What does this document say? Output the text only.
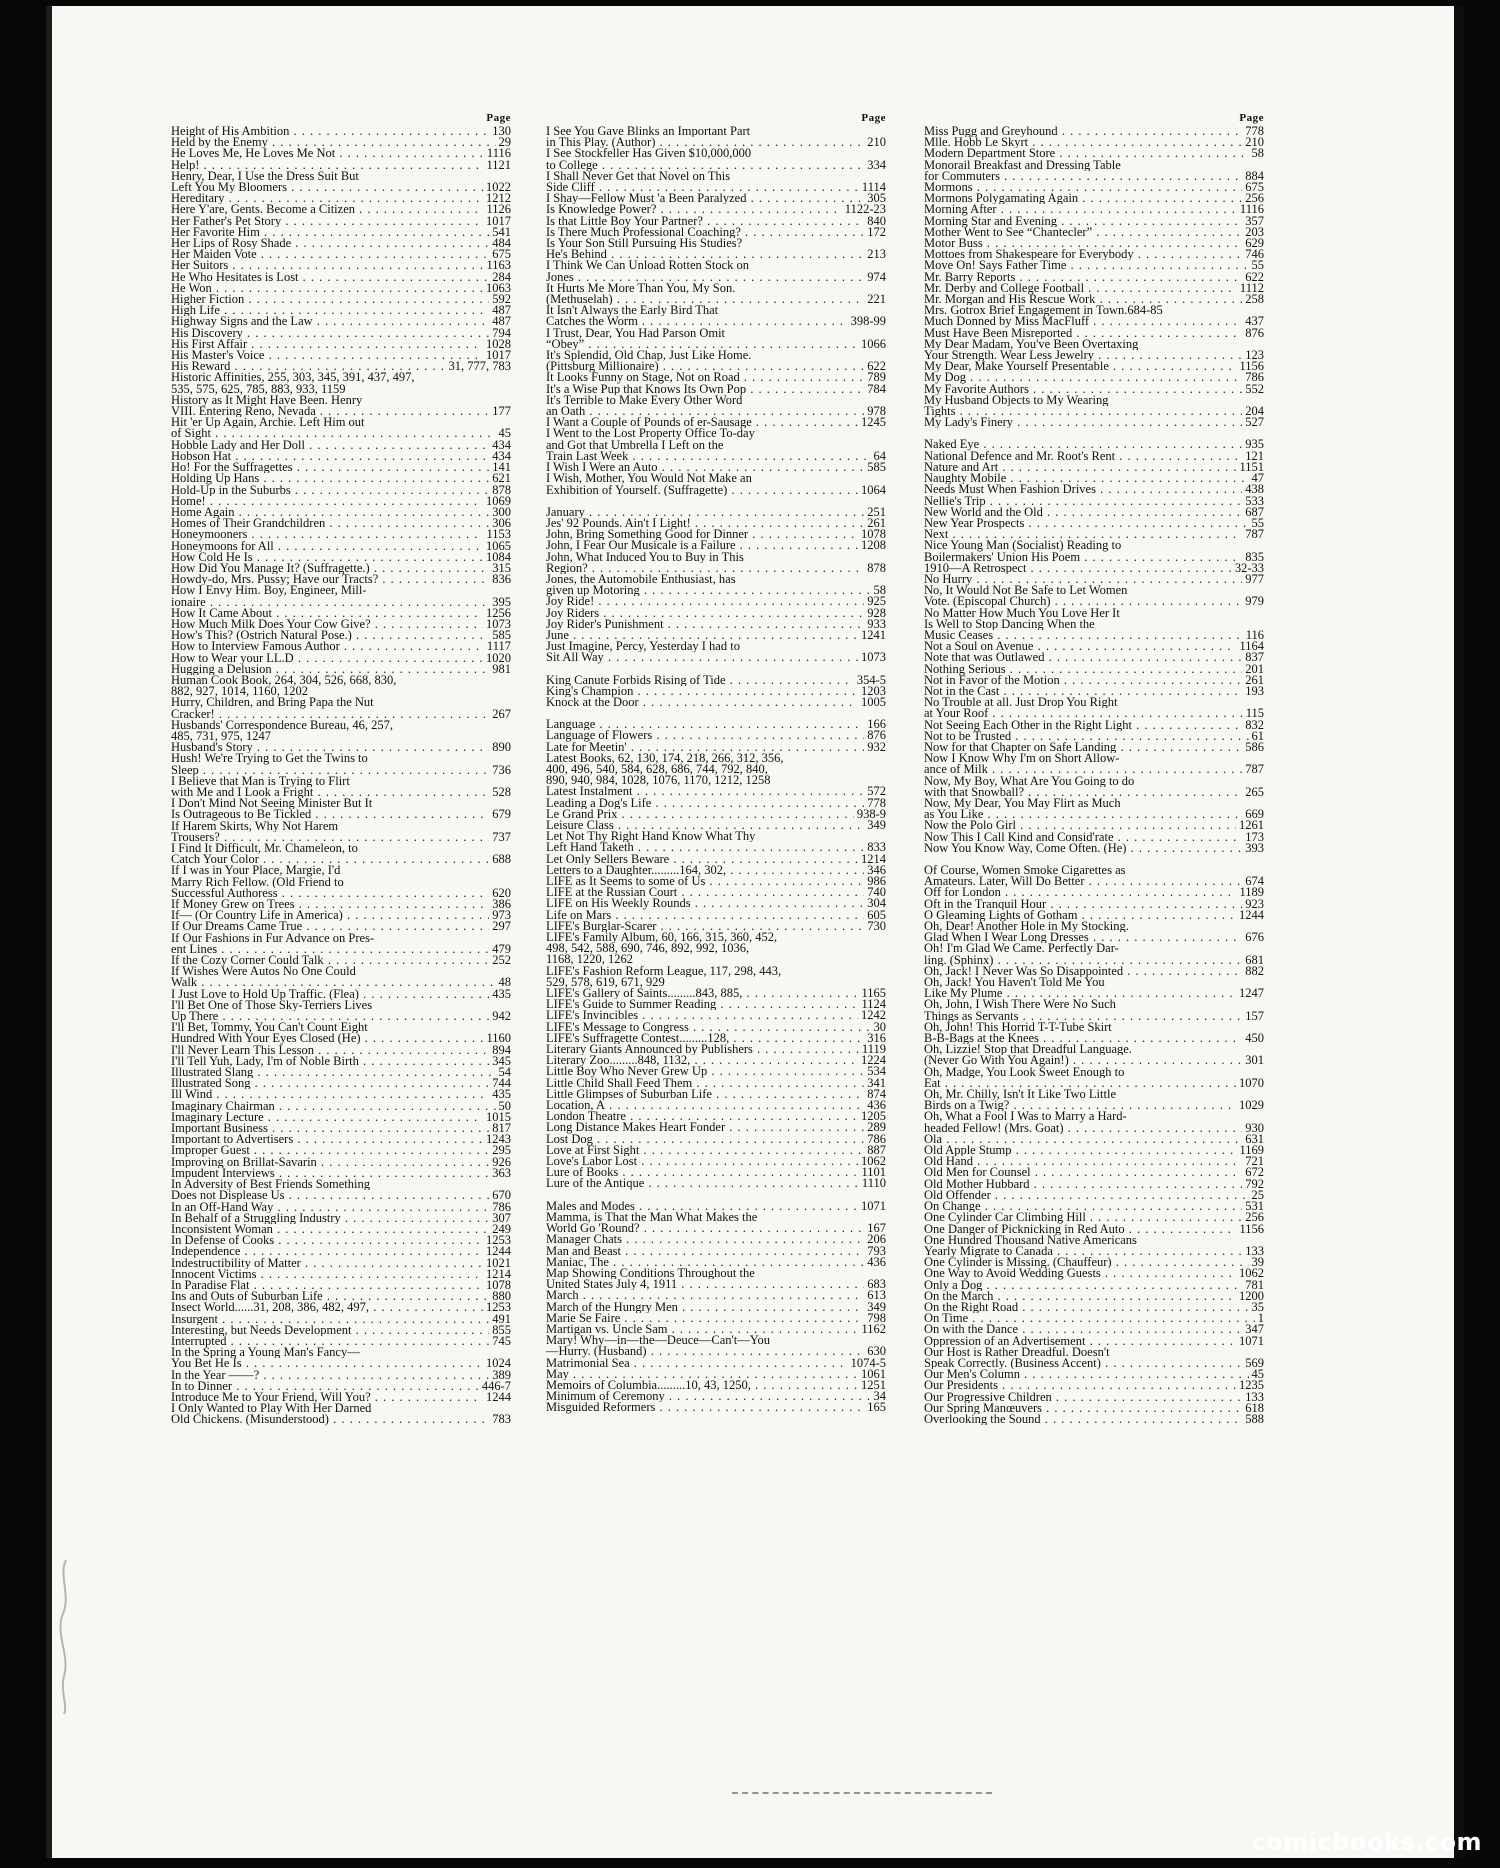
Page
Height of His Ambition . . .	130
Held by the Enemy . . .	29
He Loves Me, He Loves Me Not . . .	1116
Help! . . .	1121
Henry, Dear, I Use the Dress Suit But
Left You My Bloomers . . .	1022
Hereditary . . .	1212
Here Y'are, Gents. Become a Citizen . . .	1126
Her Father's Pet Story . . .	1017
Her Favorite Him . . .	541
Her Lips of Rosy Shade . . .	484
Her Maiden Vote . . .	675
Her Suitors . . .	1163
He Who Hesitates is Lost . . .	284
He Won . . .	1063
Higher Fiction . . .	592
High Life . . .	487
Highway Signs and the Law . . .	487
His Discovery . . .	794
His First Affair . . .	1028
His Master's Voice . . .	1017
His Reward . . .	31, 777, 783
Historic Affinities, 255, 303, 345, 391, 437, 497,
535, 575, 625, 785, 883, 933, 1159
History as It Might Have Been. Henry
VIII. Entering Reno, Nevada . . .	177
Hit 'er Up Again, Archie. Left Him out
of Sight . . .	45
Hobble Lady and Her Doll . . .	434
Hobson Hat . . .	434
Ho! For the Suffragettes . . .	141
Holding Up Hans . . .	621
Hold-Up in the Suburbs . . .	878
Home! . . .	1069
Home Again . . .	300
Homes of Their Grandchildren . . .	306
Honeymooners . . .	1153
Honeymoons for All . . .	1065
How Cold He Is . . .	1084
How Did You Manage It? (Suffragette.) . . .	315
Howdy-do, Mrs. Pussy; Have our Tracts? . . .	836
How I Envy Him. Boy, Engineer, Mill-
ionaire . . .	395
How It Came About . . .	1256
How Much Milk Does Your Cow Give? . . .	1073
How's This? (Ostrich Natural Pose.) . . .	585
How to Interview Famous Author . . .	1117
How to Wear your LL.D . . .	1020
Hugging a Delusion . . .	981
Human Cook Book, 264, 304, 526, 668, 830,
882, 927, 1014, 1160, 1202
Hurry, Children, and Bring Papa the Nut
Cracker! . . .	267
Husbands' Correspondence Bureau, 46, 257,
485, 731, 975, 1247
Husband's Story . . .	890
Hush! We're Trying to Get the Twins to
Sleep . . .	736
I Believe that Man is Trying to Flirt
with Me and I Look a Fright . . .	528
I Don't Mind Not Seeing Minister But It
Is Outrageous to Be Tickled . . .	679
If Harem Skirts, Why Not Harem
Trousers? . . .	737
I Find It Difficult, Mr. Chameleon, to
Catch Your Color . . .	688
If I was in Your Place, Margie, I'd
Marry Rich Fellow. (Old Friend to
Successful Authoress . . .	620
If Money Grew on Trees . . .	386
If— (Or Country Life in America) . . .	973
If Our Dreams Came True . . .	297
If Our Fashions in Fur Advance on Pres-
ent Lines . . .	479
If the Cozy Corner Could Talk . . .	252
If Wishes Were Autos No One Could
Walk . . .	48
I Just Love to Hold Up Traffic. (Flea) . . .	435
I'll Bet One of Those Sky-Terriers Lives
Up There . . .	942
I'll Bet, Tommy, You Can't Count Eight
Hundred With Your Eyes Closed (He) . . .	1160
I'll Never Learn This Lesson . . .	894
I'll Tell Yuh, Lady, I'm of Noble Birth . . .	345
Illustrated Slang . . .	54
Illustrated Song . . .	744
Ill Wind . . .	435
Imaginary Chairman . . .	50
Imaginary Lecture . . .	1015
Important Business . . .	817
Important to Advertisers . . .	1243
Improper Guest . . .	295
Improving on Brillat-Savarin . . .	926
Impudent Interviews . . .	363
In Adversity of Best Friends Something
Does not Displease Us . . .	670
In an Off-Hand Way . . .	786
In Behalf of a Struggling Industry . . .	307
Inconsistent Woman . . .	249
In Defense of Cooks . . .	1253
Independence . . .	1244
Indestructibility of Matter . . .	1021
Innocent Victims . . .	1214
In Paradise Flat . . .	1078
Ins and Outs of Suburban Life . . .	880
Insect World......31, 208, 386, 482, 497, . . .	1253
Insurgent . . .	491
Interesting, but Needs Development . . .	855
Interrupted . . .	745
In the Spring a Young Man's Fancy—
You Bet He Is . . .	1024
In the Year ——? . . .	389
In to Dinner . . .	446-7
Introduce Me to Your Friend, Will You? . . .	1244
I Only Wanted to Play With Her Darned
Old Chickens. (Misunderstood) . . .	783
Page
I See You Gave Blinks an Important Part
in This Play. (Author) . . .	210
I See Stockfeller Has Given $10,000,000
to College . . .	334
I Shall Never Get that Novel on This
Side Cliff . . .	1114
I Shay—Fellow Must 'a Been Paralyzed . . .	305
Is Knowledge Power? . . .	1122-23
Is that Little Boy Your Partner? . . .	840
Is There Much Professional Coaching? . . .	172
Is Your Son Still Pursuing His Studies?
He's Behind . . .	213
I Think We Can Unload Rotten Stock on
Jones . . .	974
It Hurts Me More Than You, My Son.
(Methuselah) . . .	221
It Isn't Always the Early Bird That
Catches the Worm . . .	398-99
I Trust, Dear, You Had Parson Omit
“Obey” . . .	1066
It's Splendid, Old Chap, Just Like Home.
(Pittsburg Millionaire) . . .	622
It Looks Funny on Stage, Not on Road . . .	789
It's a Wise Pup that Knows Its Own Pop . . .	784
It's Terrible to Make Every Other Word
an Oath . . .	978
I Want a Couple of Pounds of er-Sausage . . .	1245
I Went to the Lost Property Office To-day
and Got that Umbrella I Left on the
Train Last Week . . .	64
I Wish I Were an Auto . . .	585
I Wish, Mother, You Would Not Make an
Exhibition of Yourself. (Suffragette) . . .	1064
January . . .	251
Jes' 92 Pounds. Ain't I Light! . . .	261
John, Bring Something Good for Dinner . . .	1078
John, I Fear Our Musicale is a Failure . . .	1208
John, What Induced You to Buy in This
Region? . . .	878
Jones, the Automobile Enthusiast, has
given up Motoring . . .	58
Joy Ride! . . .	925
Joy Riders . . .	928
Joy Rider's Punishment . . .	933
June . . .	1241
Just Imagine, Percy, Yesterday I had to
Sit All Way . . .	1073
King Canute Forbids Rising of Tide . . .	354-5
King's Champion . . .	1203
Knock at the Door . . .	1005
Language . . .	166
Language of Flowers . . .	876
Late for Meetin' . . .	932
Latest Books, 62, 130, 174, 218, 266, 312, 356,
400, 496, 540, 584, 628, 686, 744, 792, 840,
890, 940, 984, 1028, 1076, 1170, 1212, 1258
Latest Instalment . . .	572
Leading a Dog's Life . . .	778
Le Grand Prix . . .	938-9
Leisure Class . . .	349
Let Not Thy Right Hand Know What Thy
Left Hand Taketh . . .	833
Let Only Sellers Beware . . .	1214
Letters to a Daughter.........164, 302, . . .	346
LIFE as It Seems to some of Us . . .	986
LIFE at the Russian Court . . .	740
LIFE on His Weekly Rounds . . .	304
Life on Mars . . .	605
LIFE's Burglar-Scarer . . .	730
LIFE's Family Album, 60, 166, 315, 360, 452,
498, 542, 588, 690, 746, 892, 992, 1036,
1168, 1220, 1262
LIFE's Fashion Reform League, 117, 298, 443,
529, 578, 619, 671, 929
LIFE's Gallery of Saints.........843, 885, . . .	1165
LIFE's Guide to Summer Reading . . .	1124
LIFE's Invincibles . . .	1242
LIFE's Message to Congress . . .	30
LIFE's Suffragette Contest.........128, . . .	316
Literary Giants Announced by Publishers . . .	1119
Literary Zoo.........848, 1132, . . .	1224
Little Boy Who Never Grew Up . . .	534
Little Child Shall Feed Them . . .	341
Little Glimpses of Suburban Life . . .	874
Location, A . . .	436
London Theatre . . .	1205
Long Distance Makes Heart Fonder . . .	289
Lost Dog . . .	786
Love at First Sight . . .	887
Love's Labor Lost . . .	1062
Lure of Books . . .	1101
Lure of the Antique . . .	1110
Males and Modes . . .	1071
Mamma, is That the Man What Makes the
World Go 'Round? . . .	167
Manager Chats . . .	206
Man and Beast . . .	793
Maniac, The . . .	436
Map Showing Conditions Throughout the
United States July 4, 1911 . . .	683
March . . .	613
March of the Hungry Men . . .	349
Marie Se Faire . . .	798
Martigan vs. Uncle Sam . . .	1162
Mary! Why—in—the—Deuce—Can't—You
—Hurry. (Husband) . . .	630
Matrimonial Sea . . .	1074-5
May . . .	1061
Memoirs of Columbia.........10, 43, 1250, . . .	1251
Minimum of Ceremony . . .	34
Misguided Reformers . . .	165
Page
Miss Pugg and Greyhound . . .	778
Mlle. Hobb Le Skyrt . . .	210
Modern Department Store . . .	58
Monorail Breakfast and Dressing Table
for Commuters . . .	884
Mormons . . .	675
Mormons Polygamating Again . . .	256
Morning After . . .	1116
Morning Star and Evening . . .	357
Mother Went to See “Chantecler” . . .	203
Motor Buss . . .	629
Mottoes from Shakespeare for Everybody . . .	746
Move On! Says Father Time . . .	55
Mr. Barry Reports . . .	622
Mr. Derby and College Football . . .	1112
Mr. Morgan and His Rescue Work . . .	258
Mrs. Gotrox Brief Engagement in Town.684-85
Much Donned by Miss MacFluff . . .	437
Must Have Been Misreported . . .	876
My Dear Madam, You've Been Overtaxing
Your Strength. Wear Less Jewelry . . .	123
My Dear, Make Yourself Presentable . . .	1156
My Dog . . .	786
My Favorite Authors . . .	552
My Husband Objects to My Wearing
Tights . . .	204
My Lady's Finery . . .	527
Naked Eye . . .	935
National Defence and Mr. Root's Rent . . .	121
Nature and Art . . .	1151
Naughty Mobile . . .	47
Needs Must When Fashion Drives . . .	438
Nellie's Trip . . .	533
New World and the Old . . .	687
New Year Prospects . . .	55
Next . . .	787
Nice Young Man (Socialist) Reading to
Boilermakers' Union His Poem . . .	835
1910—A Retrospect . . .	32-33
No Hurry . . .	977
No, It Would Not Be Safe to Let Women
Vote. (Episcopal Church) . . .	979
No Matter How Much You Love Her It
Is Well to Stop Dancing When the
Music Ceases . . .	116
Not a Soul on Avenue . . .	1164
Note that was Outlawed . . .	837
Nothing Serious . . .	201
Not in Favor of the Motion . . .	261
Not in the Cast . . .	193
No Trouble at all. Just Drop You Right
at Your Roof . . .	115
Not Seeing Each Other in the Right Light . . .	832
Not to be Trusted . . .	61
Now for that Chapter on Safe Landing . . .	586
Now I Know Why I'm on Short Allow-
ance of Milk . . .	787
Now, My Boy, What Are You Going to do
with that Snowball? . . .	265
Now, My Dear, You May Flirt as Much
as You Like . . .	669
Now the Polo Girl . . .	1261
Now This I Call Kind and Consid'rate . . .	173
Now You Know Way, Come Often. (He) . . .	393
Of Course, Women Smoke Cigarettes as
Amateurs. Later, Will Do Better . . .	674
Off for London . . .	1189
Oft in the Tranquil Hour . . .	923
O Gleaming Lights of Gotham . . .	1244
Oh, Dear! Another Hole in My Stocking.
Glad When I Wear Long Dresses . . .	676
Oh! I'm Glad We Came. Perfectly Dar-
ling. (Sphinx) . . .	681
Oh, Jack! I Never Was So Disappointed . . .	882
Oh, Jack! You Haven't Told Me You
Like My Plume . . .	1247
Oh, John, I Wish There Were No Such
Things as Servants . . .	157
Oh, John! This Horrid T-T-Tube Skirt
B-B-Bags at the Knees . . .	450
Oh, Lizzie! Stop that Dreadful Language.
(Never Go With You Again!) . . .	301
Oh, Madge, You Look Sweet Enough to
Eat . . .	1070
Oh, Mr. Chilly, Isn't It Like Two Little
Birds on a Twig? . . .	1029
Oh, What a Fool I Was to Marry a Hard-
headed Fellow! (Mrs. Goat) . . .	930
Ola . . .	631
Old Apple Stump . . .	1169
Old Hand . . .	721
Old Men for Counsel . . .	672
Old Mother Hubbard . . .	792
Old Offender . . .	25
On Change . . .	531
One Cylinder Car Climbing Hill . . .	256
One Danger of Picknicking in Red Auto . . .	1156
One Hundred Thousand Native Americans
Yearly Migrate to Canada . . .	133
One Cylinder is Missing. (Chauffeur) . . .	39
One Way to Avoid Wedding Guests . . .	1062
Only a Dog . . .	781
On the March . . .	1200
On the Right Road . . .	35
On Time . . .	1
On with the Dance . . .	347
Oppression of an Advertisement . . .	1071
Our Host is Rather Dreadful. Doesn't
Speak Correctly. (Business Accent) . . .	569
Our Men's Column . . .	45
Our Presidents . . .	1235
Our Progressive Children . . .	133
Our Spring Manœuvers . . .	618
Overlooking the Sound . . .	588
comicbooks.com
